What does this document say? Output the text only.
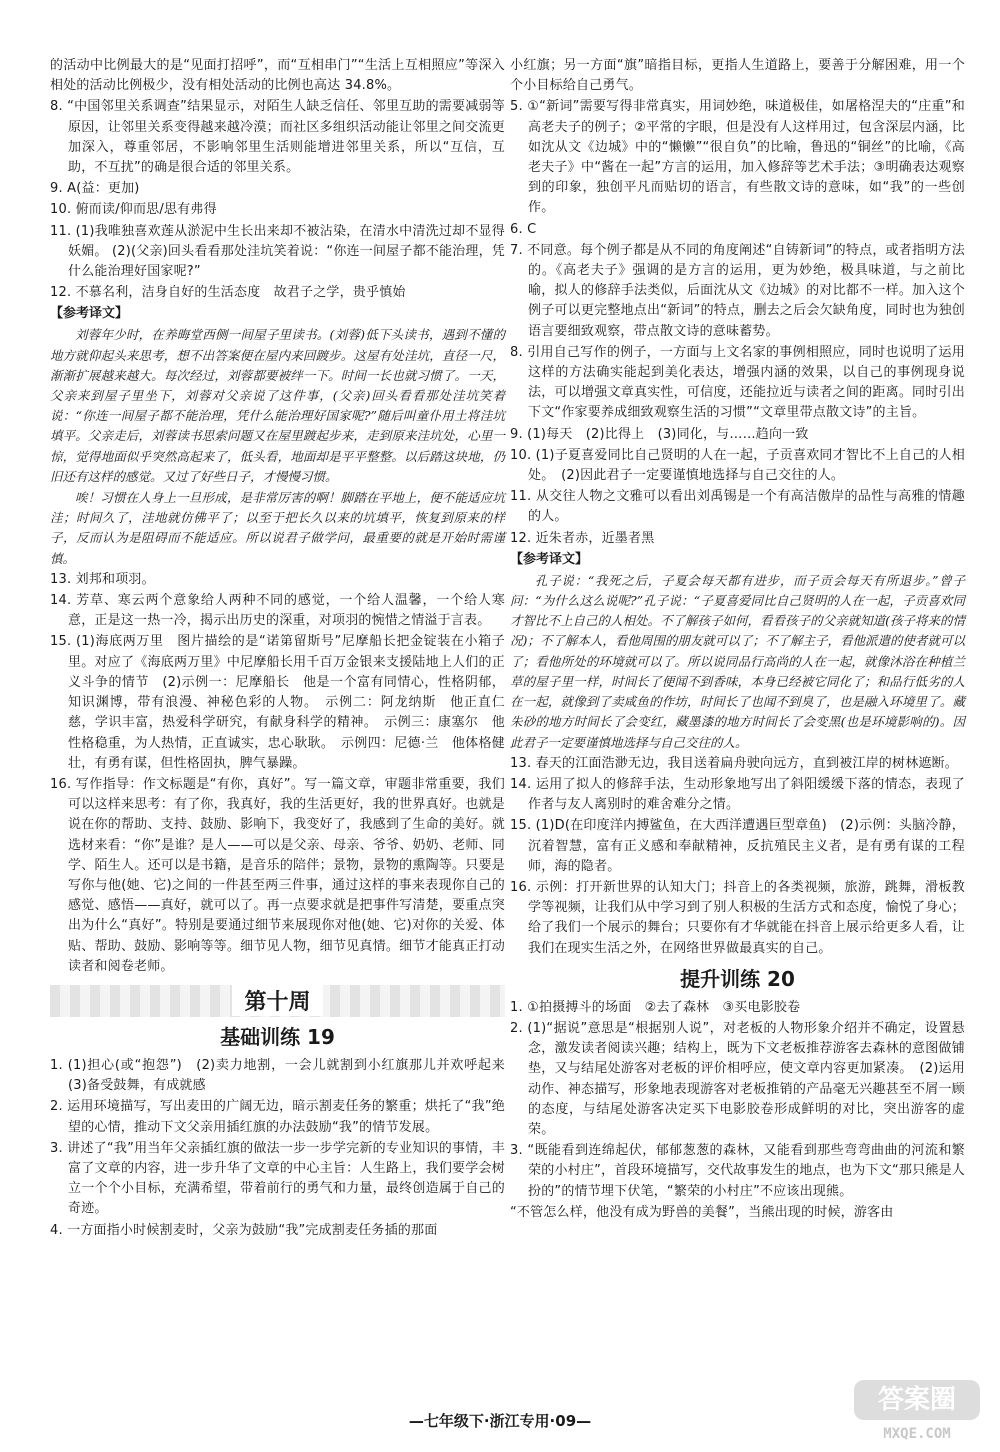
的活动中比例最大的是“见面打招呼”，而“互相串门”“生活上互相照应”等深入相处的活动比例极少，没有相处活动的比例也高达 34.8%。

8. “中国邻里关系调查”结果显示，对陌生人缺乏信任、邻里互助的需要减弱等原因，让邻里关系变得越来越冷漠；而社区多组织活动能让邻里之间交流更加深入，尊重邻居，不影响邻里生活则能增进邻里关系，所以“互信，互助，不互扰”的确是很合适的邻里关系。

9. A(益：更加)

10. 俯而读/仰而思/思有弗得

11. (1)我唯独喜欢莲从淤泥中生长出来却不被沾染，在清水中清洗过却不显得妖媚。 (2)(父亲)回头看看那处洼坑笑着说：“你连一间屋子都不能治理，凭什么能治理好国家呢?”

12. 不慕名利，洁身自好的生活态度　故君子之学，贵乎慎始

【参考译文】

刘蓉年少时，在养晦堂西侧一间屋子里读书。(刘蓉)低下头读书，遇到不懂的地方就仰起头来思考，想不出答案便在屋内来回踱步。这屋有处洼坑，直径一尺，渐渐扩展越来越大。每次经过，刘蓉都要被绊一下。时间一长也就习惯了。一天，父亲来到屋子里坐下，刘蓉对父亲说了这件事，(父亲)回头看看那处洼坑笑着说：“你连一间屋子都不能治理，凭什么能治理好国家呢?”随后叫童仆用土将洼坑填平。父亲走后，刘蓉读书思索问题又在屋里踱起步来，走到原来洼坑处，心里一惊，觉得地面似乎突然高起来了，低头看，地面却是平平整整。以后踏这块地，仍旧还有这样的感觉。又过了好些日子，才慢慢习惯。

唉！习惯在人身上一旦形成，是非常厉害的啊！脚踏在平地上，便不能适应坑洼；时间久了，洼地就仿佛平了；以至于把长久以来的坑填平，恢复到原来的样子，反而认为是阻碍而不能适应。所以说君子做学问，最重要的就是开始时需谨慎。

13. 刘邦和项羽。

14. 芳草、寒云两个意象给人两种不同的感觉，一个给人温馨，一个给人寒意，正是这一热一冷，揭示出历史的深重，对项羽的惋惜之情溢于言表。

15. (1)海底两万里　图片描绘的是“诺第留斯号”尼摩船长把金锭装在小箱子里。对应了《海底两万里》中尼摩船长用千百万金银来支援陆地上人们的正义斗争的情节　(2)示例一：尼摩船长　他是一个富有同情心，性格阴郁，知识渊博，带有浪漫、神秘色彩的人物。　示例二：阿龙纳斯　他正直仁慈，学识丰富，热爱科学研究，有献身科学的精神。　示例三：康塞尔　他性格稳重，为人热情，正直诚实，忠心耿耿。　示例四：尼德·兰　他体格健壮，有勇有谋，但性格固执，脾气暴躁。

16. 写作指导：作文标题是“有你，真好”。写一篇文章，审题非常重要，我们可以这样来思考：有了你，我真好，我的生活更好，我的世界真好。也就是说在你的帮助、支持、鼓励、影响下，我变好了，我感到了生命的美好。就选材来看：“你”是谁？是人——可以是父亲、母亲、爷爷、奶奶、老师、同学、陌生人。还可以是书籍，是音乐的陪伴；景物，景物的熏陶等。只要是写你与他(她、它)之间的一件甚至两三件事，通过这样的事来表现你自己的感觉、感悟——真好，就可以了。再一点要求就是把事件写清楚，要重点突出为什么“真好”。特别是要通过细节来展现你对他(她、它)对你的关爱、体贴、帮助、鼓励、影响等等。细节见人物，细节见真情。细节才能真正打动读者和阅卷老师。

第十周
基础训练 19

1. (1)担心(或“抱怨”)　(2)卖力地割，一会儿就割到小红旗那儿并欢呼起来　(3)备受鼓舞，有成就感

2. 运用环境描写，写出麦田的广阔无边，暗示割麦任务的繁重；烘托了“我”绝望的心情，推动下文父亲用插红旗的办法鼓励“我”的情节发展。

3. 讲述了“我”用当年父亲插红旗的做法一步一步学完新的专业知识的事情，丰富了文章的内容，进一步升华了文章的中心主旨：人生路上，我们要学会树立一个个小目标，充满希望，带着前行的勇气和力量，最终创造属于自己的奇迹。

4. 一方面指小时候割麦时，父亲为鼓励“我”完成割麦任务插的那面

小红旗；另一方面“旗”暗指目标，更指人生道路上，要善于分解困难，用一个个小目标给自己勇气。

5. ①“新词”需要写得非常真实，用词妙绝，味道极佳，如屠格涅夫的“庄重”和高老夫子的例子；②平常的字眼，但是没有人这样用过，包含深层内涵，比如沈从文《边城》中的“懒懒”“很自负”的比喻，鲁迅的“铜丝”的比喻，《高老夫子》中“酱在一起”方言的运用，加入修辞等艺术手法；③明确表达观察到的印象，独创平凡而贴切的语言，有些散文诗的意味，如“我”的一些创作。

6. C

7. 不同意。每个例子都是从不同的角度阐述“自铸新词”的特点，或者指明方法的。《高老夫子》强调的是方言的运用，更为妙绝，极具味道，与之前比喻，拟人的修辞手法类似，后面沈从文《边城》的对比都不一样。加入这个例子可以更完整地点出“新词”的特点，删去之后会欠缺角度，同时也为独创语言要细致观察，带点散文诗的意味蓄势。

8. 引用自己写作的例子，一方面与上文名家的事例相照应，同时也说明了运用这样的方法确实能起到美化表达，增强内涵的效果，以自己的事例现身说法，可以增强文章真实性，可信度，还能拉近与读者之间的距离。同时引出下文“作家要养成细致观察生活的习惯”“文章里带点散文诗”的主旨。

9. (1)每天　(2)比得上　(3)同化，与……趋向一致

10. (1)子夏喜爱同比自己贤明的人在一起，子贡喜欢同才智比不上自己的人相处。　(2)因此君子一定要谨慎地选择与自己交往的人。

11. 从交往人物之文雅可以看出刘禹锡是一个有高洁傲岸的品性与高雅的情趣的人。

12. 近朱者赤，近墨者黑

【参考译文】

孔子说：“我死之后，子夏会每天都有进步，而子贡会每天有所退步。”曾子问：“为什么这么说呢?”孔子说：“子夏喜爱同比自己贤明的人在一起，子贡喜欢同才智比不上自己的人相处。不了解孩子如何，看看孩子的父亲就知道(孩子将来的情况)；不了解本人，看他周围的朋友就可以了；不了解主子，看他派遣的使者就可以了；看他所处的环境就可以了。所以说同品行高尚的人在一起，就像沐浴在种植兰草的屋子里一样，时间长了便闻不到香味，本身已经被它同化了；和品行低劣的人在一起，就像到了卖咸鱼的作坊，时间长了也闻不到臭了，也是融入环境里了。藏朱砂的地方时间长了会变红，藏墨漆的地方时间长了会变黑(也是环境影响的)。因此君子一定要谨慎地选择与自己交往的人。

13. 春天的江面浩渺无边，我目送着扁舟驶向远方，直到被江岸的树林遮断。

14. 运用了拟人的修辞手法，生动形象地写出了斜阳缓缓下落的情态，表现了作者与友人离别时的难舍难分之情。

15. (1)D(在印度洋内搏鲨鱼，在大西洋遭遇巨型章鱼)　(2)示例：头脑冷静，沉着智慧，富有正义感和奉献精神，反抗殖民主义者，是有勇有谋的工程师，海的隐者。

16. 示例：打开新世界的认知大门；抖音上的各类视频，旅游，跳舞，滑板教学等视频，让我们从中学习到了别人积极的生活方式和态度，愉悦了身心；给了我们一个展示的舞台；只要你有才华就能在抖音上展示给更多人看，让我们在现实生活之外，在网络世界做最真实的自己。

提升训练 20

1. ①拍摄搏斗的场面　②去了森林　③买电影胶卷

2. (1)“据说”意思是“根据别人说”，对老板的人物形象介绍并不确定，设置悬念，激发读者阅读兴趣；结构上，既为下文老板推荐游客去森林的意图做铺垫，又与结尾处游客对老板的评价相呼应，使文章内容更加紧凑。　(2)运用动作、神态描写，形象地表现游客对老板推销的产品毫无兴趣甚至不屑一顾的态度，与结尾处游客决定买下电影胶卷形成鲜明的对比，突出游客的虚荣。

3. “既能看到连绵起伏，郁郁葱葱的森林，又能看到那些弯弯曲曲的河流和繁荣的小村庄”，首段环境描写，交代故事发生的地点，也为下文“那只熊是人扮的”的情节埋下伏笔，“繁荣的小村庄”不应该出现熊。

“不管怎么样，他没有成为野兽的美餐”，当熊出现的时候，游客由

—七年级下·浙江专用·09—
答案圈
MXQE.COM
